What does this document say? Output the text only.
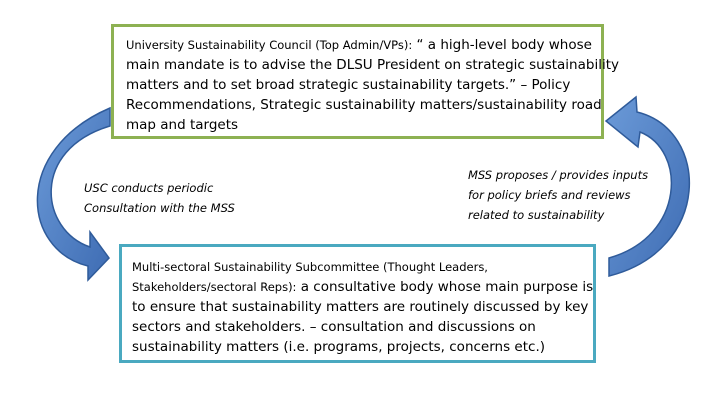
University Sustainability Council (Top Admin/VPs): “ a high-level body whose
main mandate is to advise the DLSU President on strategic sustainability
matters and to set broad strategic sustainability targets.” – Policy
Recommendations, Strategic sustainability matters/sustainability road
map and targets
USC conducts periodic
Consultation with the MSS
MSS proposes / provides inputs
for policy briefs and reviews
related to sustainability
Multi-sectoral Sustainability Subcommittee (Thought Leaders,
Stakeholders/sectoral Reps): a consultative body whose main purpose is
to ensure that sustainability matters are routinely discussed by key
sectors and stakeholders. – consultation and discussions on
sustainability matters (i.e. programs, projects, concerns etc.)
